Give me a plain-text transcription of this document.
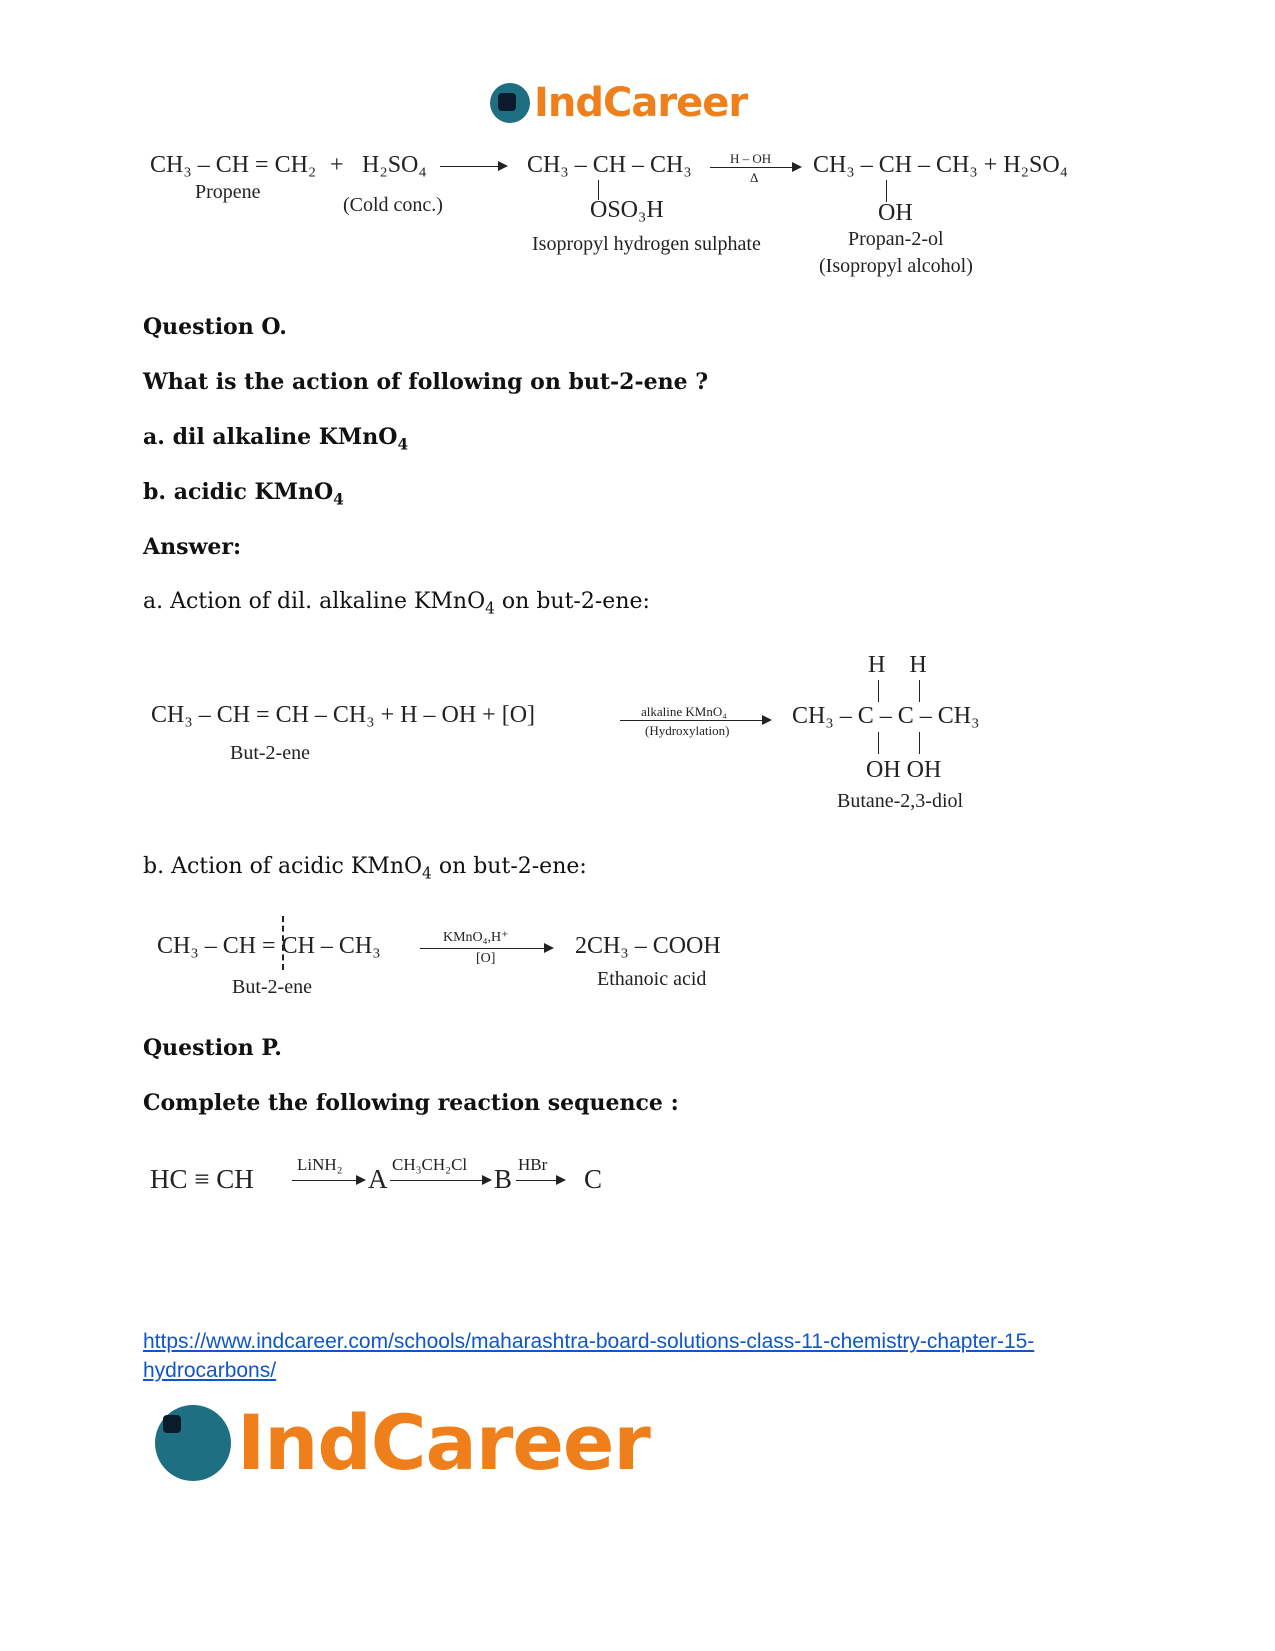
IndCareer
CH₃ – CH = CH₂
Propene
+ H₂SO₄
(Cold conc.)
CH₃ – CH – CH₃
OSO₃H
Isopropyl hydrogen sulphate
H – OH
Δ CH₃ – CH – CH₃ + H₂SO₄
OH
Propan-2-ol
(Isopropyl alcohol)
Question O.
What is the action of following on but-2-ene ?
a. dil alkaline KMnO$_4$
b. acidic KMnO$_4$
Answer:
a. Action of dil. alkaline KMnO$_4$ on but-2-ene:
CH₃ – CH = CH – CH₃ + H – OH + [O]
But-2-ene
alkaline KMnO₄
(Hydroxylation)
H    H
CH₃ – C – C – CH₃
OH OH
Butane-2,3-diol
b. Action of acidic KMnO$_4$ on but-2-ene:
CH₃ – CH = CH – CH₃
But-2-ene
KMnO₄,H⁺
[O]	2CH₃ – COOH
Ethanoic acid
Question P.
Complete the following reaction sequence :
HC ≡ CH	LiNH₂ A CH₃CH₂Cl B HBr C
https://www.indcareer.com/schools/maharashtra-board-solutions-class-11-chemistry-chapter-15-
hydrocarbons/
IndCareer
